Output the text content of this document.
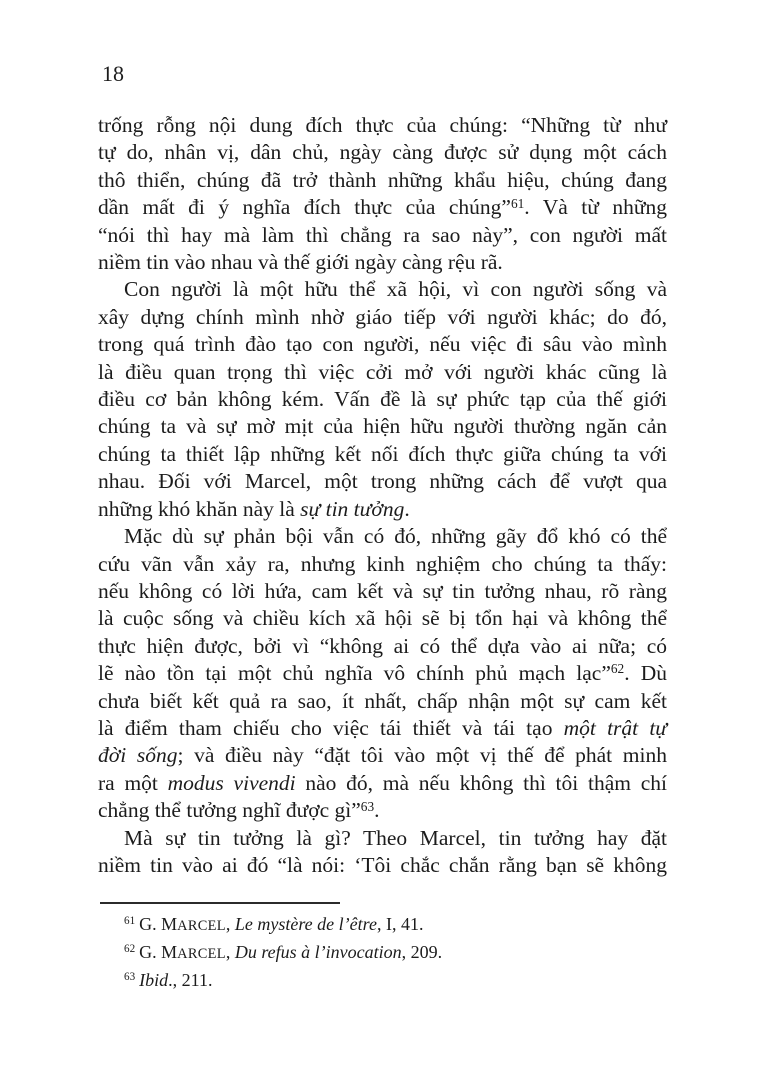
18
trống rỗng nội dung đích thực của chúng: “Những từ như
tự do, nhân vị, dân chủ, ngày càng được sử dụng một cách
thô thiển, chúng đã trở thành những khẩu hiệu, chúng đang
dần mất đi ý nghĩa đích thực của chúng”$^{61}$. Và từ những
“nói thì hay mà làm thì chẳng ra sao này”, con người mất
niềm tin vào nhau và thế giới ngày càng rệu rã.
Con người là một hữu thể xã hội, vì con người sống và
xây dựng chính mình nhờ giáo tiếp với người khác; do đó,
trong quá trình đào tạo con người, nếu việc đi sâu vào mình
là điều quan trọng thì việc cởi mở với người khác cũng là
điều cơ bản không kém. Vấn đề là sự phức tạp của thế giới
chúng ta và sự mờ mịt của hiện hữu người thường ngăn cản
chúng ta thiết lập những kết nối đích thực giữa chúng ta với
nhau. Đối với Marcel, một trong những cách để vượt qua
những khó khăn này là sự tin tưởng.
Mặc dù sự phản bội vẫn có đó, những gãy đổ khó có thể
cứu vãn vẫn xảy ra, nhưng kinh nghiệm cho chúng ta thấy:
nếu không có lời hứa, cam kết và sự tin tưởng nhau, rõ ràng
là cuộc sống và chiều kích xã hội sẽ bị tổn hại và không thể
thực hiện được, bởi vì “không ai có thể dựa vào ai nữa; có
lẽ nào tồn tại một chủ nghĩa vô chính phủ mạch lạc”$^{62}$. Dù
chưa biết kết quả ra sao, ít nhất, chấp nhận một sự cam kết
là điểm tham chiếu cho việc tái thiết và tái tạo một trật tự
đời sống; và điều này “đặt tôi vào một vị thế để phát minh
ra một modus vivendi nào đó, mà nếu không thì tôi thậm chí
chẳng thể tưởng nghĩ được gì”$^{63}$.
Mà sự tin tưởng là gì? Theo Marcel, tin tưởng hay đặt
niềm tin vào ai đó “là nói: ‘Tôi chắc chắn rằng bạn sẽ không
$^{61}$ G. MARCEL, Le mystère de l’être, I, 41.
$^{62}$ G. MARCEL, Du refus à l’invocation, 209.
$^{63}$ Ibid., 211.
